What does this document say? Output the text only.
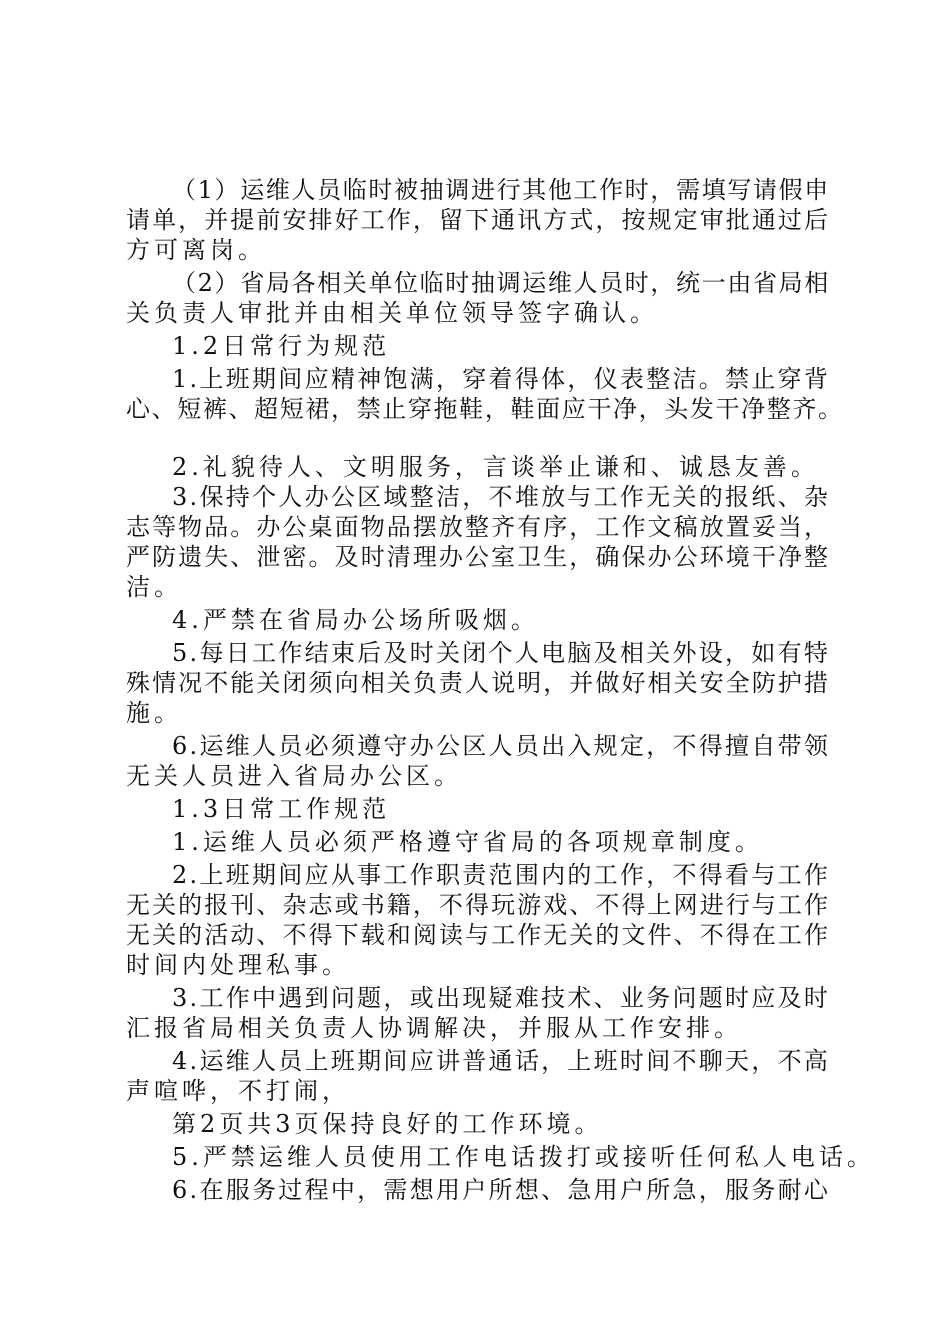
（1）运维人员临时被抽调进行其他工作时，需填写请假申
请单，并提前安排好工作，留下通讯方式，按规定审批通过后
方可离岗。
（2）省局各相关单位临时抽调运维人员时，统一由省局相
关负责人审批并由相关单位领导签字确认。
1.2日常行为规范
1.上班期间应精神饱满，穿着得体，仪表整洁。禁止穿背
心、短裤、超短裙，禁止穿拖鞋，鞋面应干净，头发干净整齐。
2.礼貌待人、文明服务，言谈举止谦和、诚恳友善。
3.保持个人办公区域整洁，不堆放与工作无关的报纸、杂
志等物品。办公桌面物品摆放整齐有序，工作文稿放置妥当，
严防遗失、泄密。及时清理办公室卫生，确保办公环境干净整
洁。
4.严禁在省局办公场所吸烟。
5.每日工作结束后及时关闭个人电脑及相关外设，如有特
殊情况不能关闭须向相关负责人说明，并做好相关安全防护措
施。
6.运维人员必须遵守办公区人员出入规定，不得擅自带领
无关人员进入省局办公区。
1.3日常工作规范
1.运维人员必须严格遵守省局的各项规章制度。
2.上班期间应从事工作职责范围内的工作，不得看与工作
无关的报刊、杂志或书籍，不得玩游戏、不得上网进行与工作
无关的活动、不得下载和阅读与工作无关的文件、不得在工作
时间内处理私事。
3.工作中遇到问题，或出现疑难技术、业务问题时应及时
汇报省局相关负责人协调解决，并服从工作安排。
4.运维人员上班期间应讲普通话，上班时间不聊天，不高
声喧哗，不打闹，
第2页共3页保持良好的工作环境。
5.严禁运维人员使用工作电话拨打或接听任何私人电话。
6.在服务过程中，需想用户所想、急用户所急，服务耐心
